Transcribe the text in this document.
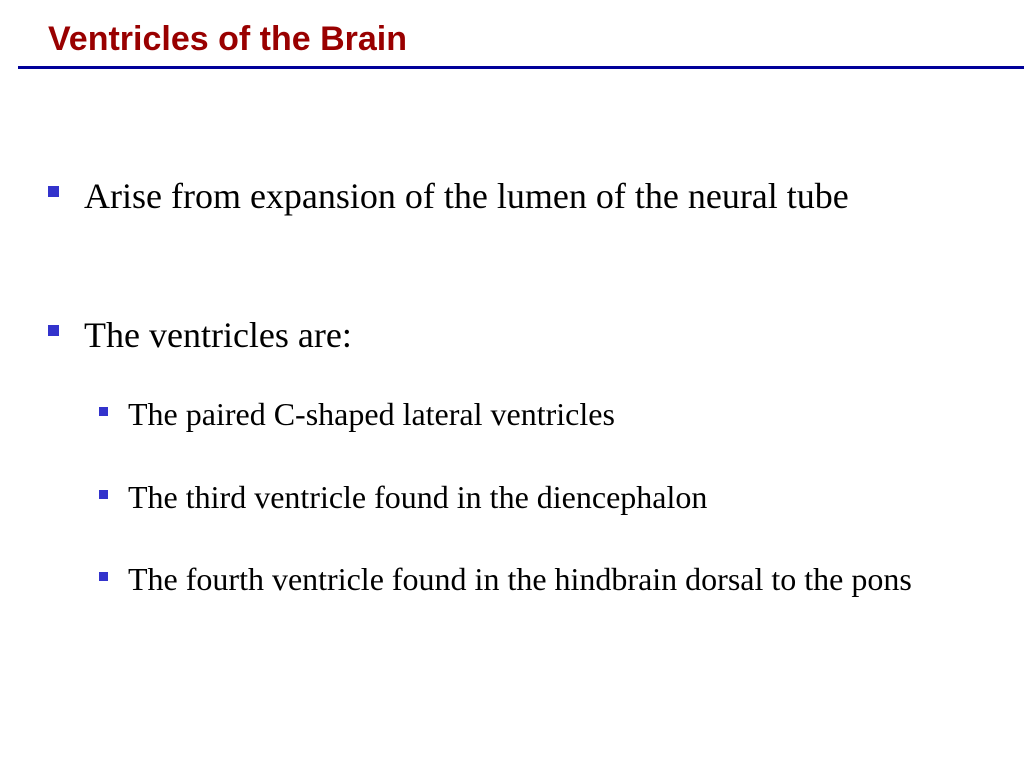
Ventricles of the Brain
Arise from expansion of the lumen of the neural tube
The ventricles are:
The paired C-shaped lateral ventricles
The third ventricle found in the diencephalon
The fourth ventricle found in the hindbrain dorsal to the pons
